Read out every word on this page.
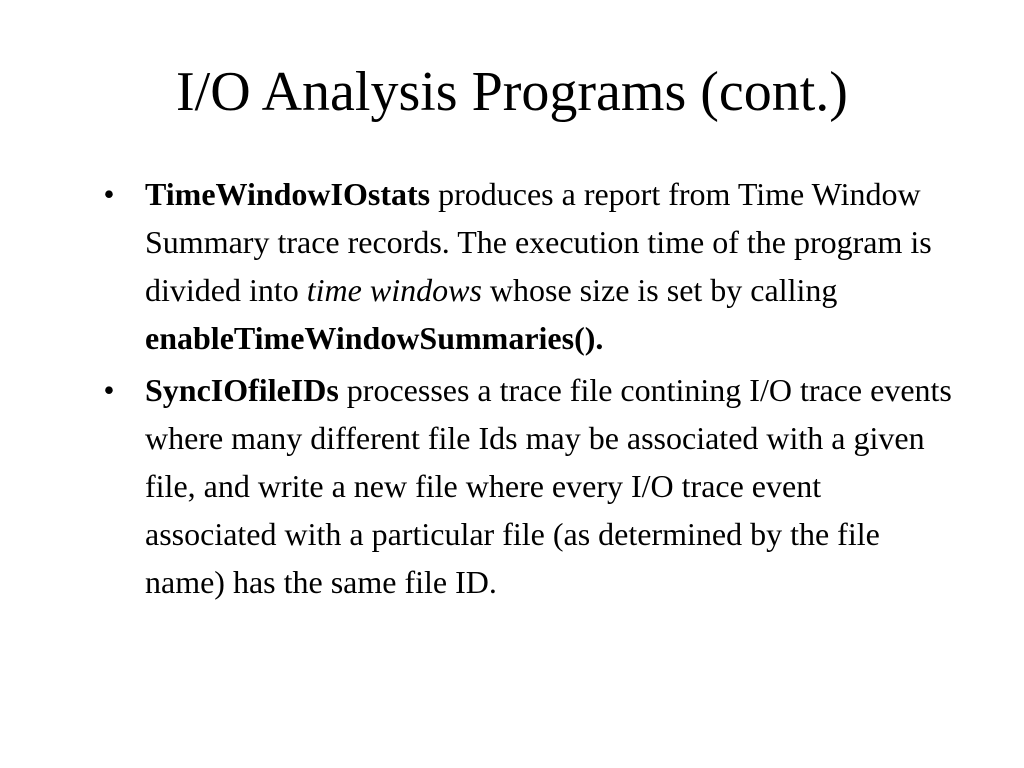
I/O Analysis Programs (cont.)
• TimeWindowIOstats produces a report from Time Window Summary trace records. The execution time of the program is divided into time windows whose size is set by calling enableTimeWindowSummaries().
• SyncIOfileIDs processes a trace file contining I/O trace events where many different file Ids may be associated with a given file, and write a new file where every I/O trace event associated with a particular file (as determined by the file name) has the same file ID.
